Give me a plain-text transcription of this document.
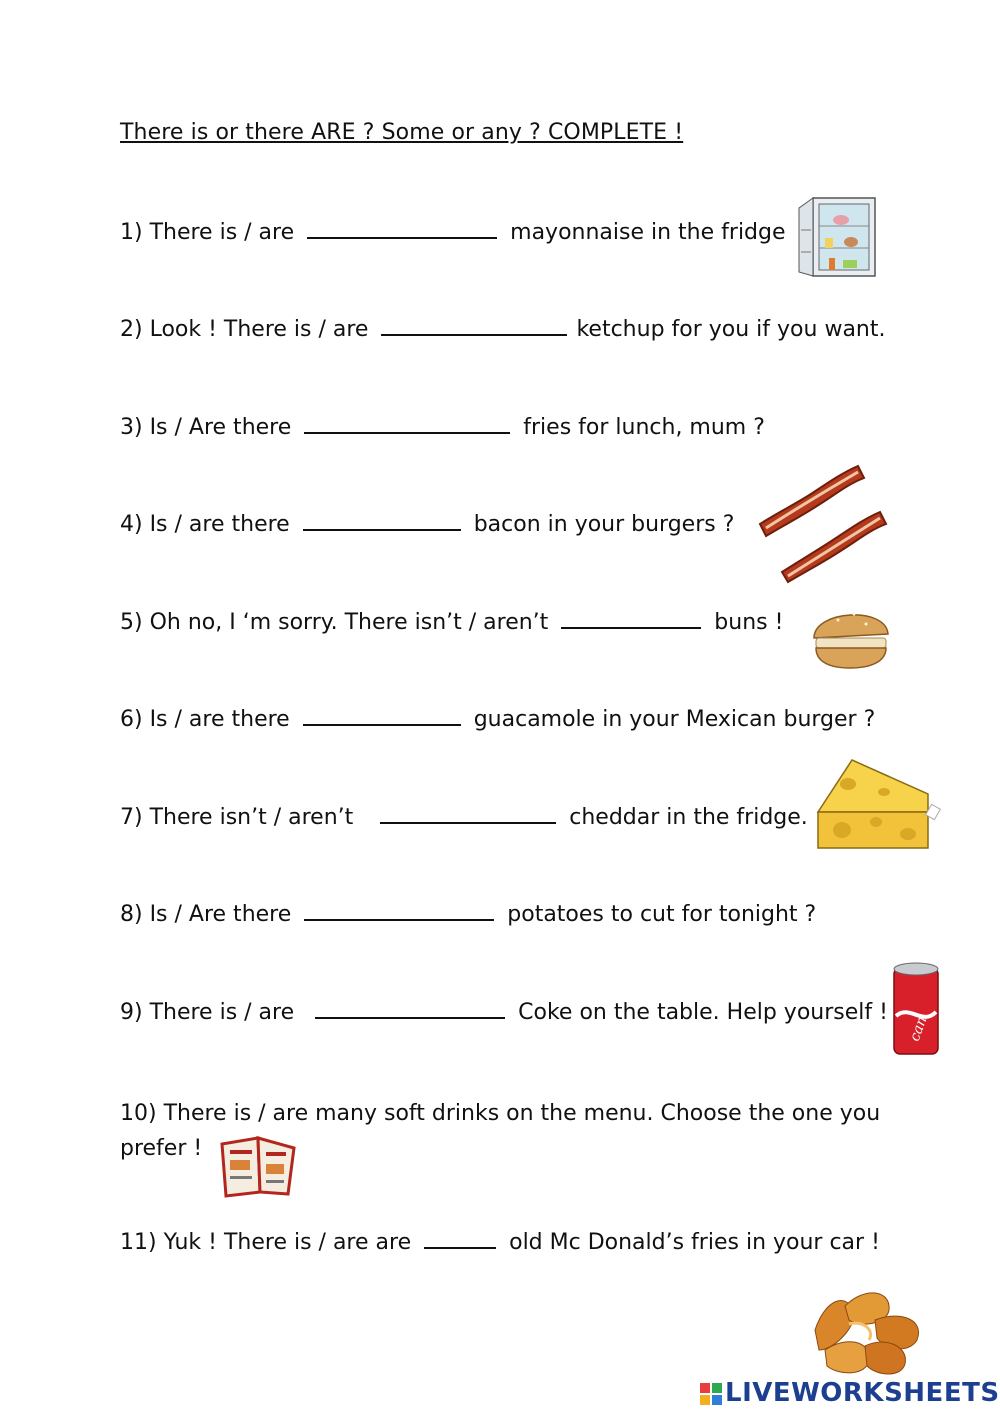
There is or there ARE ? Some or any ? COMPLETE !
1) There is / are	mayonnaise in the fridge
2) Look ! There is / are	ketchup for you if you want.
3) Is / Are there	fries for lunch, mum ?
4) Is / are there	bacon in your burgers ?
5) Oh no, I ‘m sorry. There isn’t / aren’t	buns !
6) Is / are there	guacamole in your Mexican burger ?
7) There isn’t / aren’t	cheddar in the fridge.
8) Is / Are there	potatoes to cut for tonight ?
9) There is / are	Coke on the table. Help yourself !
10) There is / are many soft drinks on the menu. Choose the one you prefer !
11) Yuk ! There is / are are	old Mc Donald’s fries in your car !
can
LIVEWORKSHEETS
